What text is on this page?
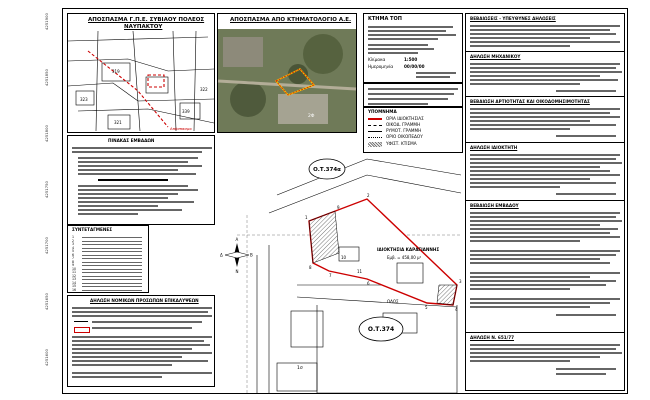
ΑΠΟΣΠΑΣΜΑ Γ.Π.Ε. ΣΥΒΙΑΟΥ ΠΟΛΕΟΣ
ΝΑΥΠΑΚΤΟΥ
319
339
323
321
322
Απόσπασμα
ΑΠΟΣΠΑΣΜΑ ΑΠΟ ΚΤΗΜΑΤΟΛΟΓΙΟ Α.Ε.
2Φ
ΚΤΗΜΑ ΤΟΠ
Κλίμακα	1:500
Ημερομηνία	00/00/00
ΥΠΟΜΝΗΜΑ
ΟΡΙΑ ΙΔΙΟΚΤΗΣΙΑΣ
ΟΙΚΟΔ. ΓΡΑΜΜΗ
ΡΥΜΟΤ. ΓΡΑΜΜΗ
ΟΡΙΟ ΟΙΚΟΠΕΔΟΥ
ΥΦΙΣΤ. ΚΤΙΣΜΑ
ΒΕΒΑΙΩΣΕΙΣ - ΥΠΕΥΘΥΝΕΣ ΔΗΛΩΣΕΙΣ
ΔΗΛΩΣΗ ΜΗΧΑΝΙΚΟΥ
ΒΕΒΑΙΩΣΗ ΑΡΤΙΟΤΗΤΑΣ ΚΑΙ ΟΙΚΟΔΟΜΗΣΙΜΟΤΗΤΑΣ
ΔΗΛΩΣΗ ΙΔΙΟΚΤΗΤΗ
ΒΕΒΑΙΩΣΗ ΕΜΒΑΔΟΥ
ΔΗΛΩΣΗ Ν. 651/77
ΠΙΝΑΚΑΣ ΕΜΒΑΔΩΝ
ΣΥΝΤΕΤΑΓΜΕΝΕΣ
1
2
3
4
5
6
7
8
9
10
11
12
13
14
15
16
ΔΗΛΩΣΗ ΝΟΜΙΚΩΝ ΠΡΟΣΩΠΩΝ ΕΠΙΚΑΛΥΨΕΩΝ
Ο.Τ.374α
Ο.Τ.374
ΙΔΙΟΚΤΗΣΙΑ ΚΑΡΑΓΙΑΝΝΗΣ
Εμβ. = 458,00 μ²
1σ
ΟΔΟΣ
1
2
3
4
5
6
7
8
9
10
11
A
B
N
Δ
4251900
4251850
4251800
4251750
4251700
4251650
4251600
